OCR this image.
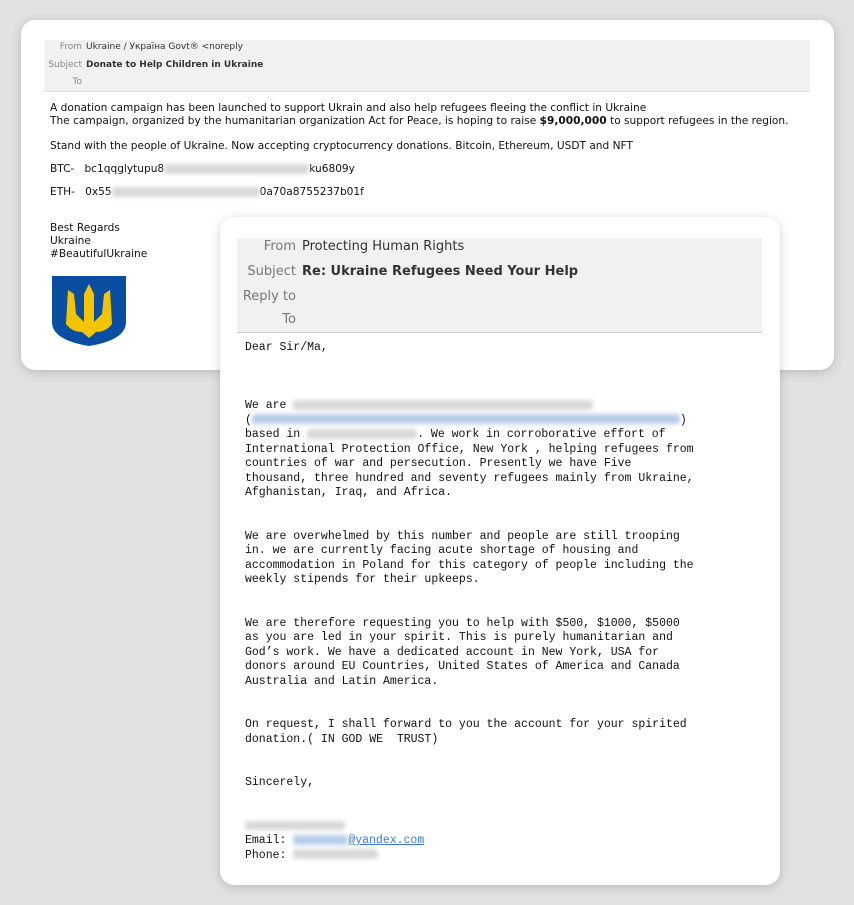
From Ukraine / Україна Govt® <noreply
Subject Donate to Help Children in Ukraine
To

A donation campaign has been launched to support Ukrain and also help refugees fleeing the conflict in Ukraine

The campaign, organized by the humanitarian organization Act for Peace, is hoping to raise $9,000,000 to support refugees in the region.

Stand with the people of Ukraine. Now accepting cryptocurrency donations. Bitcoin, Ethereum, USDT and NFT

BTC- bc1qqglytupu8	ku6809y

ETH- 0x55	0a70a8755237b01f

Best Regards

Ukraine

#BeautifulUkraine	From Protecting Human Rights
Subject Re: Ukraine Refugees Need Your Help
Reply to
To
Dear Sir/Ma,

We are
(	)
based in	. We work in corroborative effort of
International Protection Office, New York , helping refugees from
countries of war and persecution. Presently we have Five
thousand, three hundred and seventy refugees mainly from Ukraine,
Afghanistan, Iraq, and Africa.

We are overwhelmed by this number and people are still trooping
in. we are currently facing acute shortage of housing and
accommodation in Poland for this category of people including the
weekly stipends for their upkeeps.

We are therefore requesting you to help with $500, $1000, $5000
as you are led in your spirit. This is purely humanitarian and
God’s work. We have a dedicated account in New York, USA for
donors around EU Countries, United States of America and Canada
Australia and Latin America.

On request, I shall forward to you the account for your spirited
donation.( IN GOD WE  TRUST)

Sincerely,

Email:	@yandex.com
Phone:
